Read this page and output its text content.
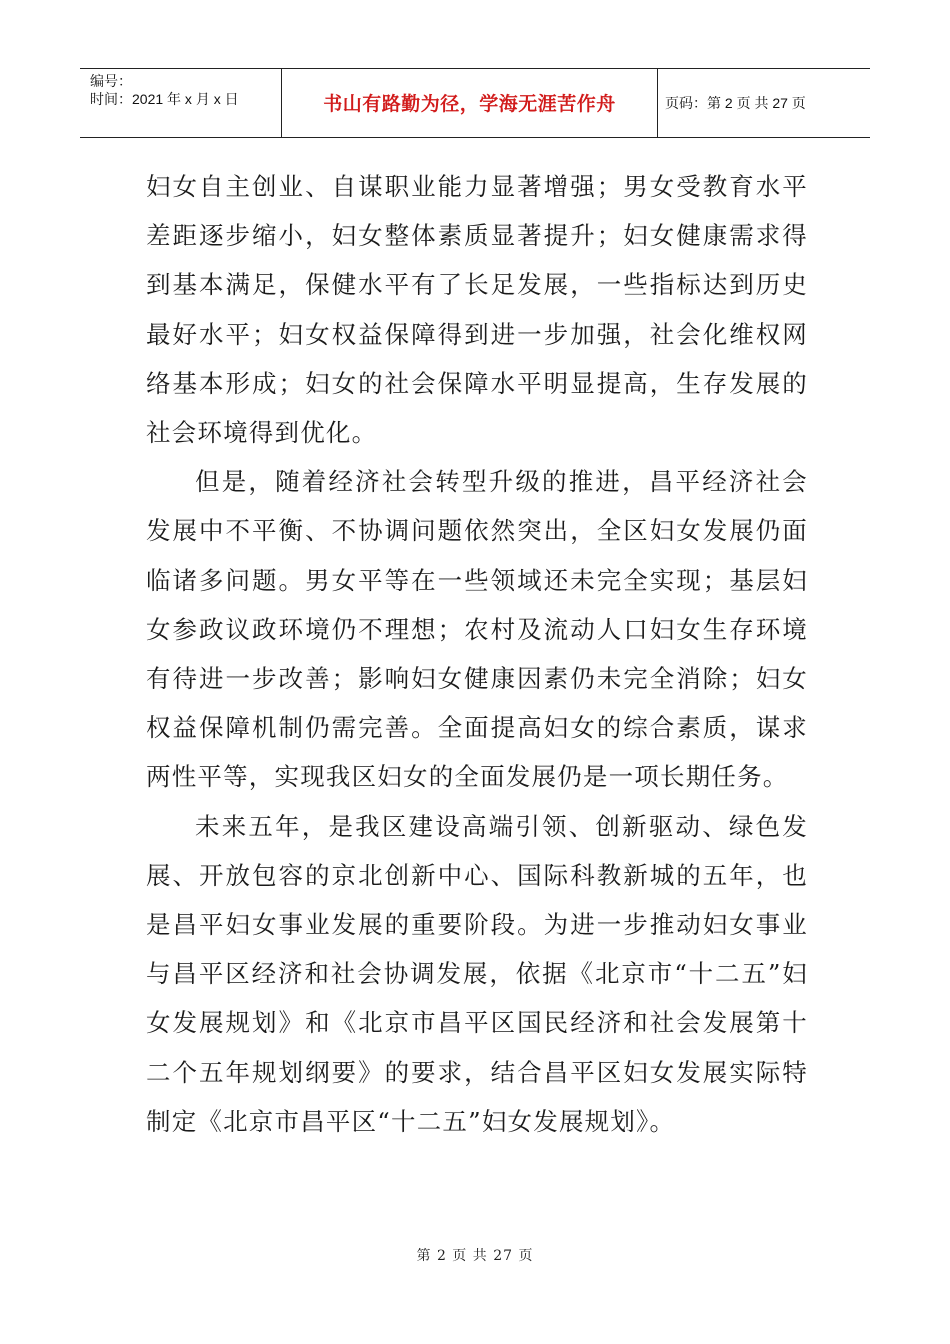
编号：
时间：2021 年 x 月 x 日	书山有路勤为径，学海无涯苦作舟	页码：第 2 页 共 27 页

妇女自主创业、自谋职业能力显著增强；男女受教育水平差距逐步缩小，妇女整体素质显著提升；妇女健康需求得到基本满足，保健水平有了长足发展，一些指标达到历史最好水平；妇女权益保障得到进一步加强，社会化维权网络基本形成；妇女的社会保障水平明显提高，生存发展的社会环境得到优化。

但是，随着经济社会转型升级的推进，昌平经济社会发展中不平衡、不协调问题依然突出，全区妇女发展仍面临诸多问题。男女平等在一些领域还未完全实现；基层妇女参政议政环境仍不理想；农村及流动人口妇女生存环境有待进一步改善；影响妇女健康因素仍未完全消除；妇女权益保障机制仍需完善。全面提高妇女的综合素质，谋求两性平等，实现我区妇女的全面发展仍是一项长期任务。

未来五年，是我区建设高端引领、创新驱动、绿色发展、开放包容的京北创新中心、国际科教新城的五年，也是昌平妇女事业发展的重要阶段。为进一步推动妇女事业与昌平区经济和社会协调发展，依据《北京市“十二五”妇女发展规划》和《北京市昌平区国民经济和社会发展第十二个五年规划纲要》的要求，结合昌平区妇女发展实际特制定《北京市昌平区“十二五”妇女发展规划》。

第 2 页 共 27 页
